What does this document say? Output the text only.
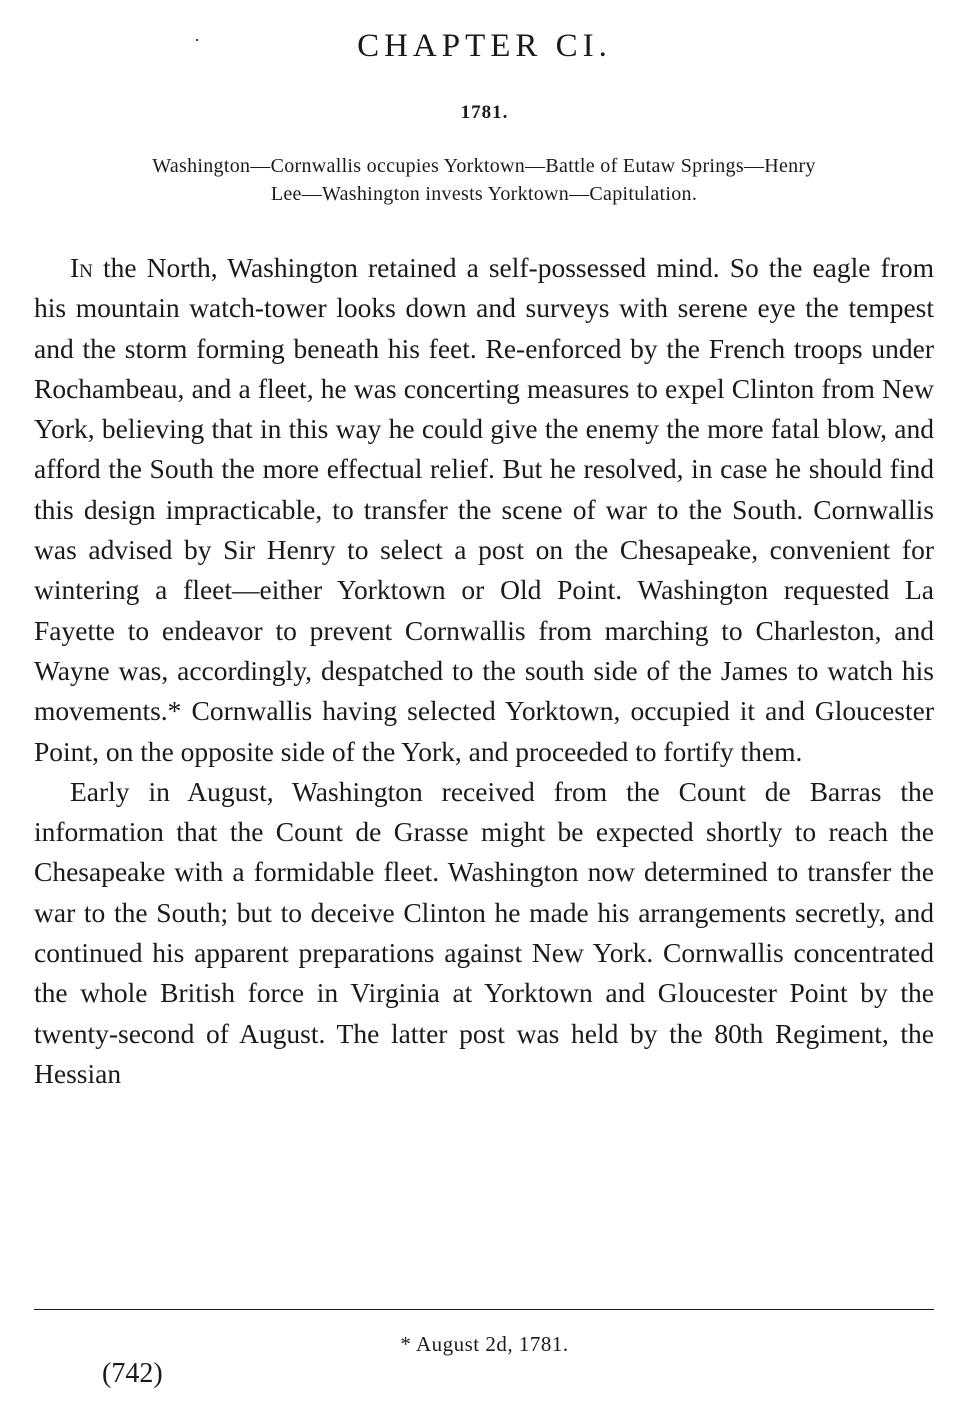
CHAPTER CI.
1781.

Washington—Cornwallis occupies Yorktown—Battle of Eutaw Springs—Henry
Lee—Washington invests Yorktown—Capitulation.

In the North, Washington retained a self-possessed mind. So the eagle from his mountain watch-tower looks down and surveys with serene eye the tempest and the storm forming beneath his feet. Re-enforced by the French troops under Rochambeau, and a fleet, he was concerting measures to expel Clinton from New York, believing that in this way he could give the enemy the more fatal blow, and afford the South the more effectual relief. But he resolved, in case he should find this design impracticable, to transfer the scene of war to the South. Cornwallis was advised by Sir Henry to select a post on the Chesapeake, convenient for wintering a fleet—either Yorktown or Old Point. Washington requested La Fayette to endeavor to prevent Cornwallis from marching to Charleston, and Wayne was, accordingly, despatched to the south side of the James to watch his movements.* Cornwallis having selected Yorktown, occupied it and Gloucester Point, on the opposite side of the York, and proceeded to fortify them.

Early in August, Washington received from the Count de Barras the information that the Count de Grasse might be expected shortly to reach the Chesapeake with a formidable fleet. Washington now determined to transfer the war to the South; but to deceive Clinton he made his arrangements secretly, and continued his apparent preparations against New York. Cornwallis concentrated the whole British force in Virginia at Yorktown and Gloucester Point by the twenty-second of August. The latter post was held by the 80th Regiment, the Hessian

* August 2d, 1781.

(742)
